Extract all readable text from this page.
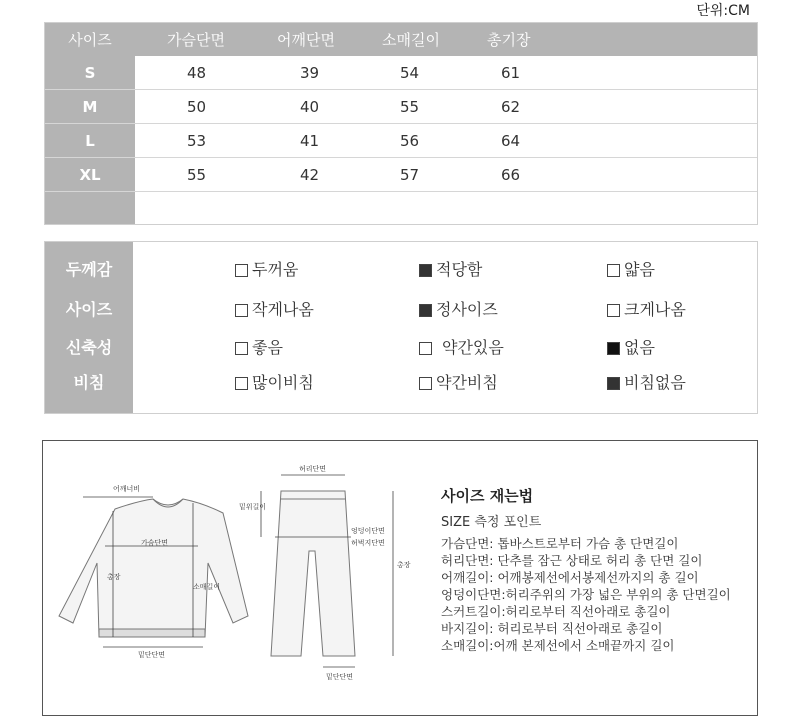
단위:CM
사이즈	가슴단면	어깨단면	소매길이	총기장
S	48	39	54	61
M	50	40	55	62
L	53	41	56	64
XL	55	42	57	66
두께감	두꺼움	적당함	얇음
사이즈	작게나옴	정사이즈	크게나옴
신축성	좋음	약간있음	없음
비침	많이비침	약간비침	비침없음
어깨너비
가슴단면
총장
소매길이
밑단단면
허리단면
밑위길이
엉덩이단면
허벅지단면
총장
밑단단면
사이즈 재는법
SIZE 측정 포인트
가슴단면: 톱바스트로부터 가슴 총 단면길이
허리단면: 단추를 잠근 상태로 허리 총 단면 길이
어깨길이: 어깨봉제선에서봉제선까지의 총 길이
엉덩이단면:허리주위의 가장 넓은 부위의 총 단면길이
스커트길이:허리로부터 직선아래로 총길이
바지길이: 허리로부터 직선아래로 총길이
소매길이:어깨 본제선에서 소매끝까지 길이
